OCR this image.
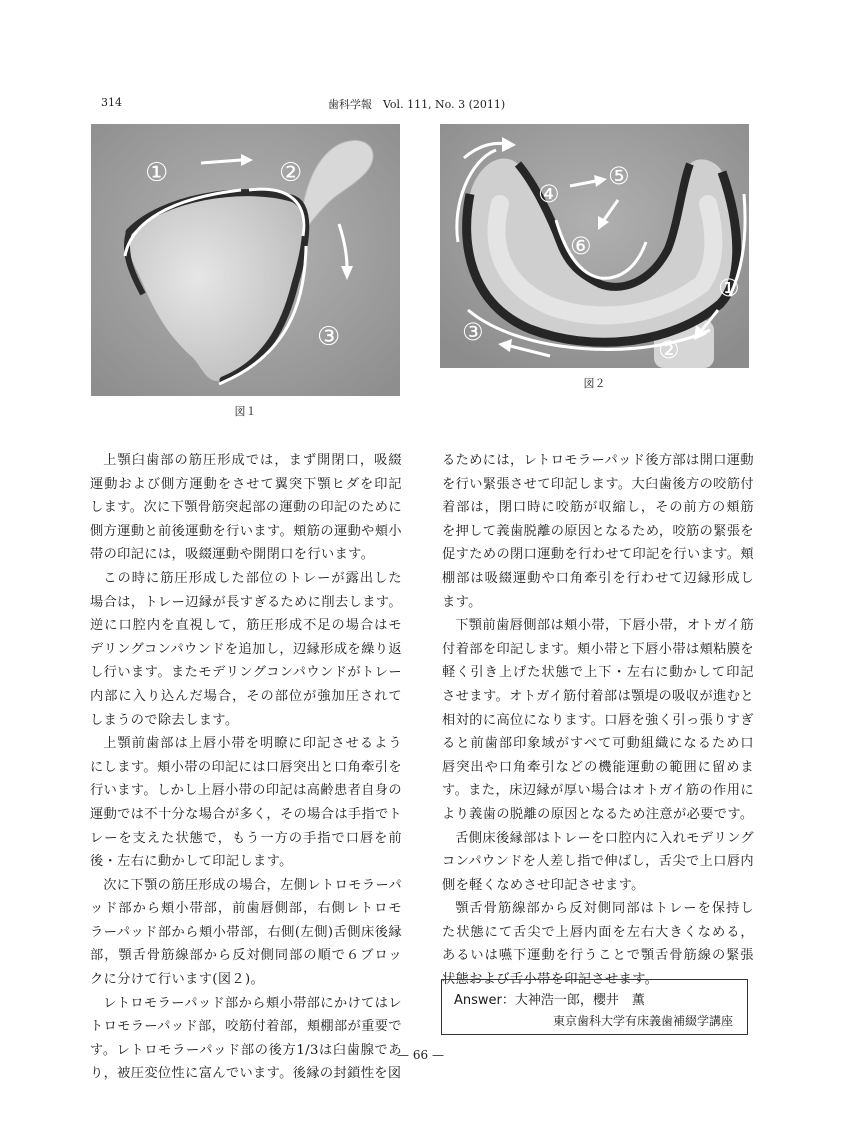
314	歯科学報　Vol. 111, No. 3 (2011)
①	②
③
図１
①
②
③
④
⑤
⑥
図２

上顎臼歯部の筋圧形成では，まず開閉口，吸綴運動および側方運動をさせて翼突下顎ヒダを印記します。次に下顎骨筋突起部の運動の印記のために側方運動と前後運動を行います。頬筋の運動や頬小帯の印記には，吸綴運動や開閉口を行います。

この時に筋圧形成した部位のトレーが露出した場合は，トレー辺縁が長すぎるために削去します。逆に口腔内を直視して，筋圧形成不足の場合はモデリングコンパウンドを追加し，辺縁形成を繰り返し行います。またモデリングコンパウンドがトレー内部に入り込んだ場合，その部位が強加圧されてしまうので除去します。

上顎前歯部は上唇小帯を明瞭に印記させるようにします。頬小帯の印記には口唇突出と口角牽引を行います。しかし上唇小帯の印記は高齢患者自身の運動では不十分な場合が多く，その場合は手指でトレーを支えた状態で，もう一方の手指で口唇を前後・左右に動かして印記します。

次に下顎の筋圧形成の場合，左側レトロモラーパッド部から頬小帯部，前歯唇側部，右側レトロモラーパッド部から頬小帯部，右側(左側)舌側床後縁部，顎舌骨筋線部から反対側同部の順で６ブロックに分けて行います(図２)。

レトロモラーパッド部から頬小帯部にかけてはレトロモラーパッド部，咬筋付着部，頬棚部が重要です。レトロモラーパッド部の後方1/3は臼歯腺であり，被圧変位性に富んでいます。後縁の封鎖性を図

るためには，レトロモラーパッド後方部は開口運動を行い緊張させて印記します。大臼歯後方の咬筋付着部は，閉口時に咬筋が収縮し，その前方の頬筋を押して義歯脱離の原因となるため，咬筋の緊張を促すための閉口運動を行わせて印記を行います。頬棚部は吸綴運動や口角牽引を行わせて辺縁形成します。

下顎前歯唇側部は頬小帯，下唇小帯，オトガイ筋付着部を印記します。頬小帯と下唇小帯は頬粘膜を軽く引き上げた状態で上下・左右に動かして印記させます。オトガイ筋付着部は顎堤の吸収が進むと相対的に高位になります。口唇を強く引っ張りすぎると前歯部印象域がすべて可動組織になるため口唇突出や口角牽引などの機能運動の範囲に留めます。また，床辺縁が厚い場合はオトガイ筋の作用により義歯の脱離の原因となるため注意が必要です。

舌側床後縁部はトレーを口腔内に入れモデリングコンパウンドを人差し指で伸ばし，舌尖で上口唇内側を軽くなめさせ印記させます。

顎舌骨筋線部から反対側同部はトレーを保持した状態にて舌尖で上唇内面を左右大きくなめる，あるいは嚥下運動を行うことで顎舌骨筋線の緊張状態および舌小帯を印記させます。

Answer：大神浩一郎，櫻井　薫
東京歯科大学有床義歯補綴学講座
— 66 —
